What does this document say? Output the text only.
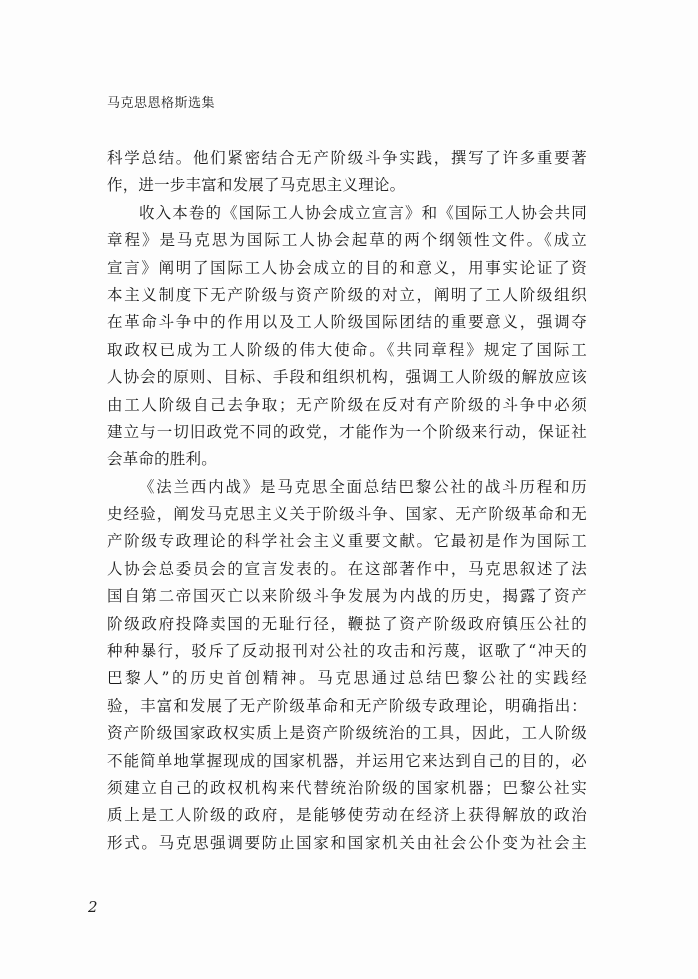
马克思恩格斯选集
科学总结。他们紧密结合无产阶级斗争实践，撰写了许多重要著
作，进一步丰富和发展了马克思主义理论。
收入本卷的《国际工人协会成立宣言》和《国际工人协会共同
章程》是马克思为国际工人协会起草的两个纲领性文件。《成立
宣言》阐明了国际工人协会成立的目的和意义，用事实论证了资
本主义制度下无产阶级与资产阶级的对立，阐明了工人阶级组织
在革命斗争中的作用以及工人阶级国际团结的重要意义，强调夺
取政权已成为工人阶级的伟大使命。《共同章程》规定了国际工
人协会的原则、目标、手段和组织机构，强调工人阶级的解放应该
由工人阶级自己去争取；无产阶级在反对有产阶级的斗争中必须
建立与一切旧政党不同的政党，才能作为一个阶级来行动，保证社
会革命的胜利。
《法兰西内战》是马克思全面总结巴黎公社的战斗历程和历
史经验，阐发马克思主义关于阶级斗争、国家、无产阶级革命和无
产阶级专政理论的科学社会主义重要文献。它最初是作为国际工
人协会总委员会的宣言发表的。在这部著作中，马克思叙述了法
国自第二帝国灭亡以来阶级斗争发展为内战的历史，揭露了资产
阶级政府投降卖国的无耻行径，鞭挞了资产阶级政府镇压公社的
种种暴行，驳斥了反动报刊对公社的攻击和污蔑，讴歌了“冲天的
巴黎人”的历史首创精神。马克思通过总结巴黎公社的实践经
验，丰富和发展了无产阶级革命和无产阶级专政理论，明确指出：
资产阶级国家政权实质上是资产阶级统治的工具，因此，工人阶级
不能简单地掌握现成的国家机器，并运用它来达到自己的目的，必
须建立自己的政权机构来代替统治阶级的国家机器；巴黎公社实
质上是工人阶级的政府，是能够使劳动在经济上获得解放的政治
形式。马克思强调要防止国家和国家机关由社会公仆变为社会主
2
